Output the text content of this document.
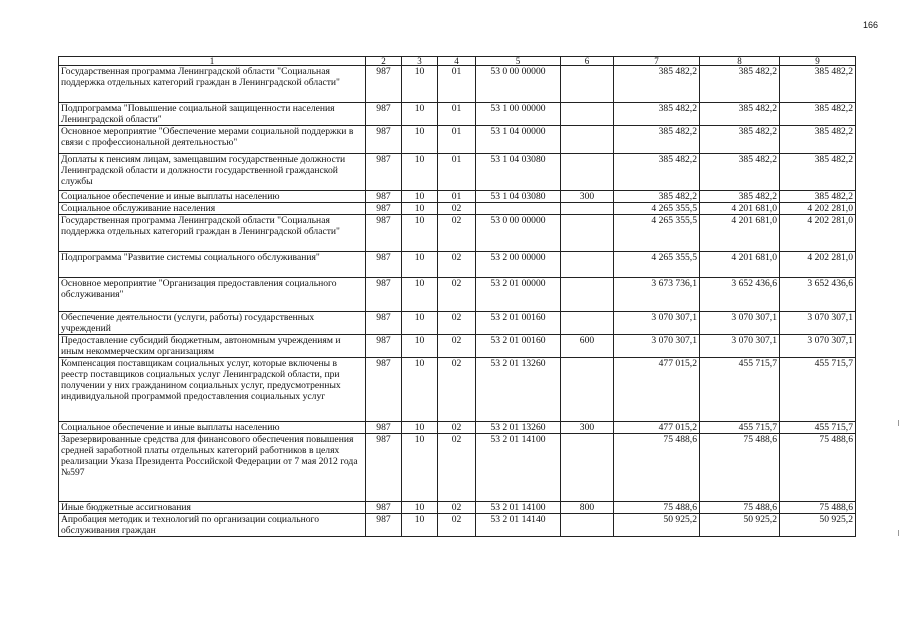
166
1	2	3	4	5	6	7	8	9
Государственная программа Ленинградской области "Социальная поддержка отдельных категорий граждан в Ленинградской области"	987	10	01	53 0 00 00000		385 482,2	385 482,2	385 482,2
Подпрограмма "Повышение социальной защищенности населения Ленинградской области"	987	10	01	53 1 00 00000		385 482,2	385 482,2	385 482,2
Основное мероприятие "Обеспечение мерами социальной поддержки в связи с профессиональной деятельностью"	987	10	01	53 1 04 00000		385 482,2	385 482,2	385 482,2
Доплаты к пенсиям лицам, замещавшим государственные должности Ленинградской области и должности государственной гражданской службы	987	10	01	53 1 04 03080		385 482,2	385 482,2	385 482,2
Социальное обеспечение и иные выплаты населению	987	10	01	53 1 04 03080	300	385 482,2	385 482,2	385 482,2
Социальное обслуживание населения	987	10	02			4 265 355,5	4 201 681,0	4 202 281,0
Государственная программа Ленинградской области "Социальная поддержка отдельных категорий граждан в Ленинградской области"	987	10	02	53 0 00 00000		4 265 355,5	4 201 681,0	4 202 281,0
Подпрограмма "Развитие системы социального обслуживания"	987	10	02	53 2 00 00000		4 265 355,5	4 201 681,0	4 202 281,0
Основное мероприятие "Организация предоставления социального обслуживания"	987	10	02	53 2 01 00000		3 673 736,1	3 652 436,6	3 652 436,6
Обеспечение деятельности (услуги, работы) государственных учреждений	987	10	02	53 2 01 00160		3 070 307,1	3 070 307,1	3 070 307,1
Предоставление субсидий бюджетным, автономным учреждениям и иным некоммерческим организациям	987	10	02	53 2 01 00160	600	3 070 307,1	3 070 307,1	3 070 307,1
Компенсация поставщикам социальных услуг, которые включены в реестр поставщиков социальных услуг Ленинградской области, при получении у них гражданином социальных услуг, предусмотренных индивидуальной программой предоставления социальных услуг	987	10	02	53 2 01 13260		477 015,2	455 715,7	455 715,7
Социальное обеспечение и иные выплаты населению	987	10	02	53 2 01 13260	300	477 015,2	455 715,7	455 715,7
Зарезервированные средства для финансового обеспечения повышения средней заработной платы отдельных категорий работников в целях реализации Указа Президента Российской Федерации от 7 мая 2012 года №597	987	10	02	53 2 01 14100		75 488,6	75 488,6	75 488,6
Иные бюджетные ассигнования	987	10	02	53 2 01 14100	800	75 488,6	75 488,6	75 488,6
Апробация методик и технологий по организации социального обслуживания граждан	987	10	02	53 2 01 14140		50 925,2	50 925,2	50 925,2
